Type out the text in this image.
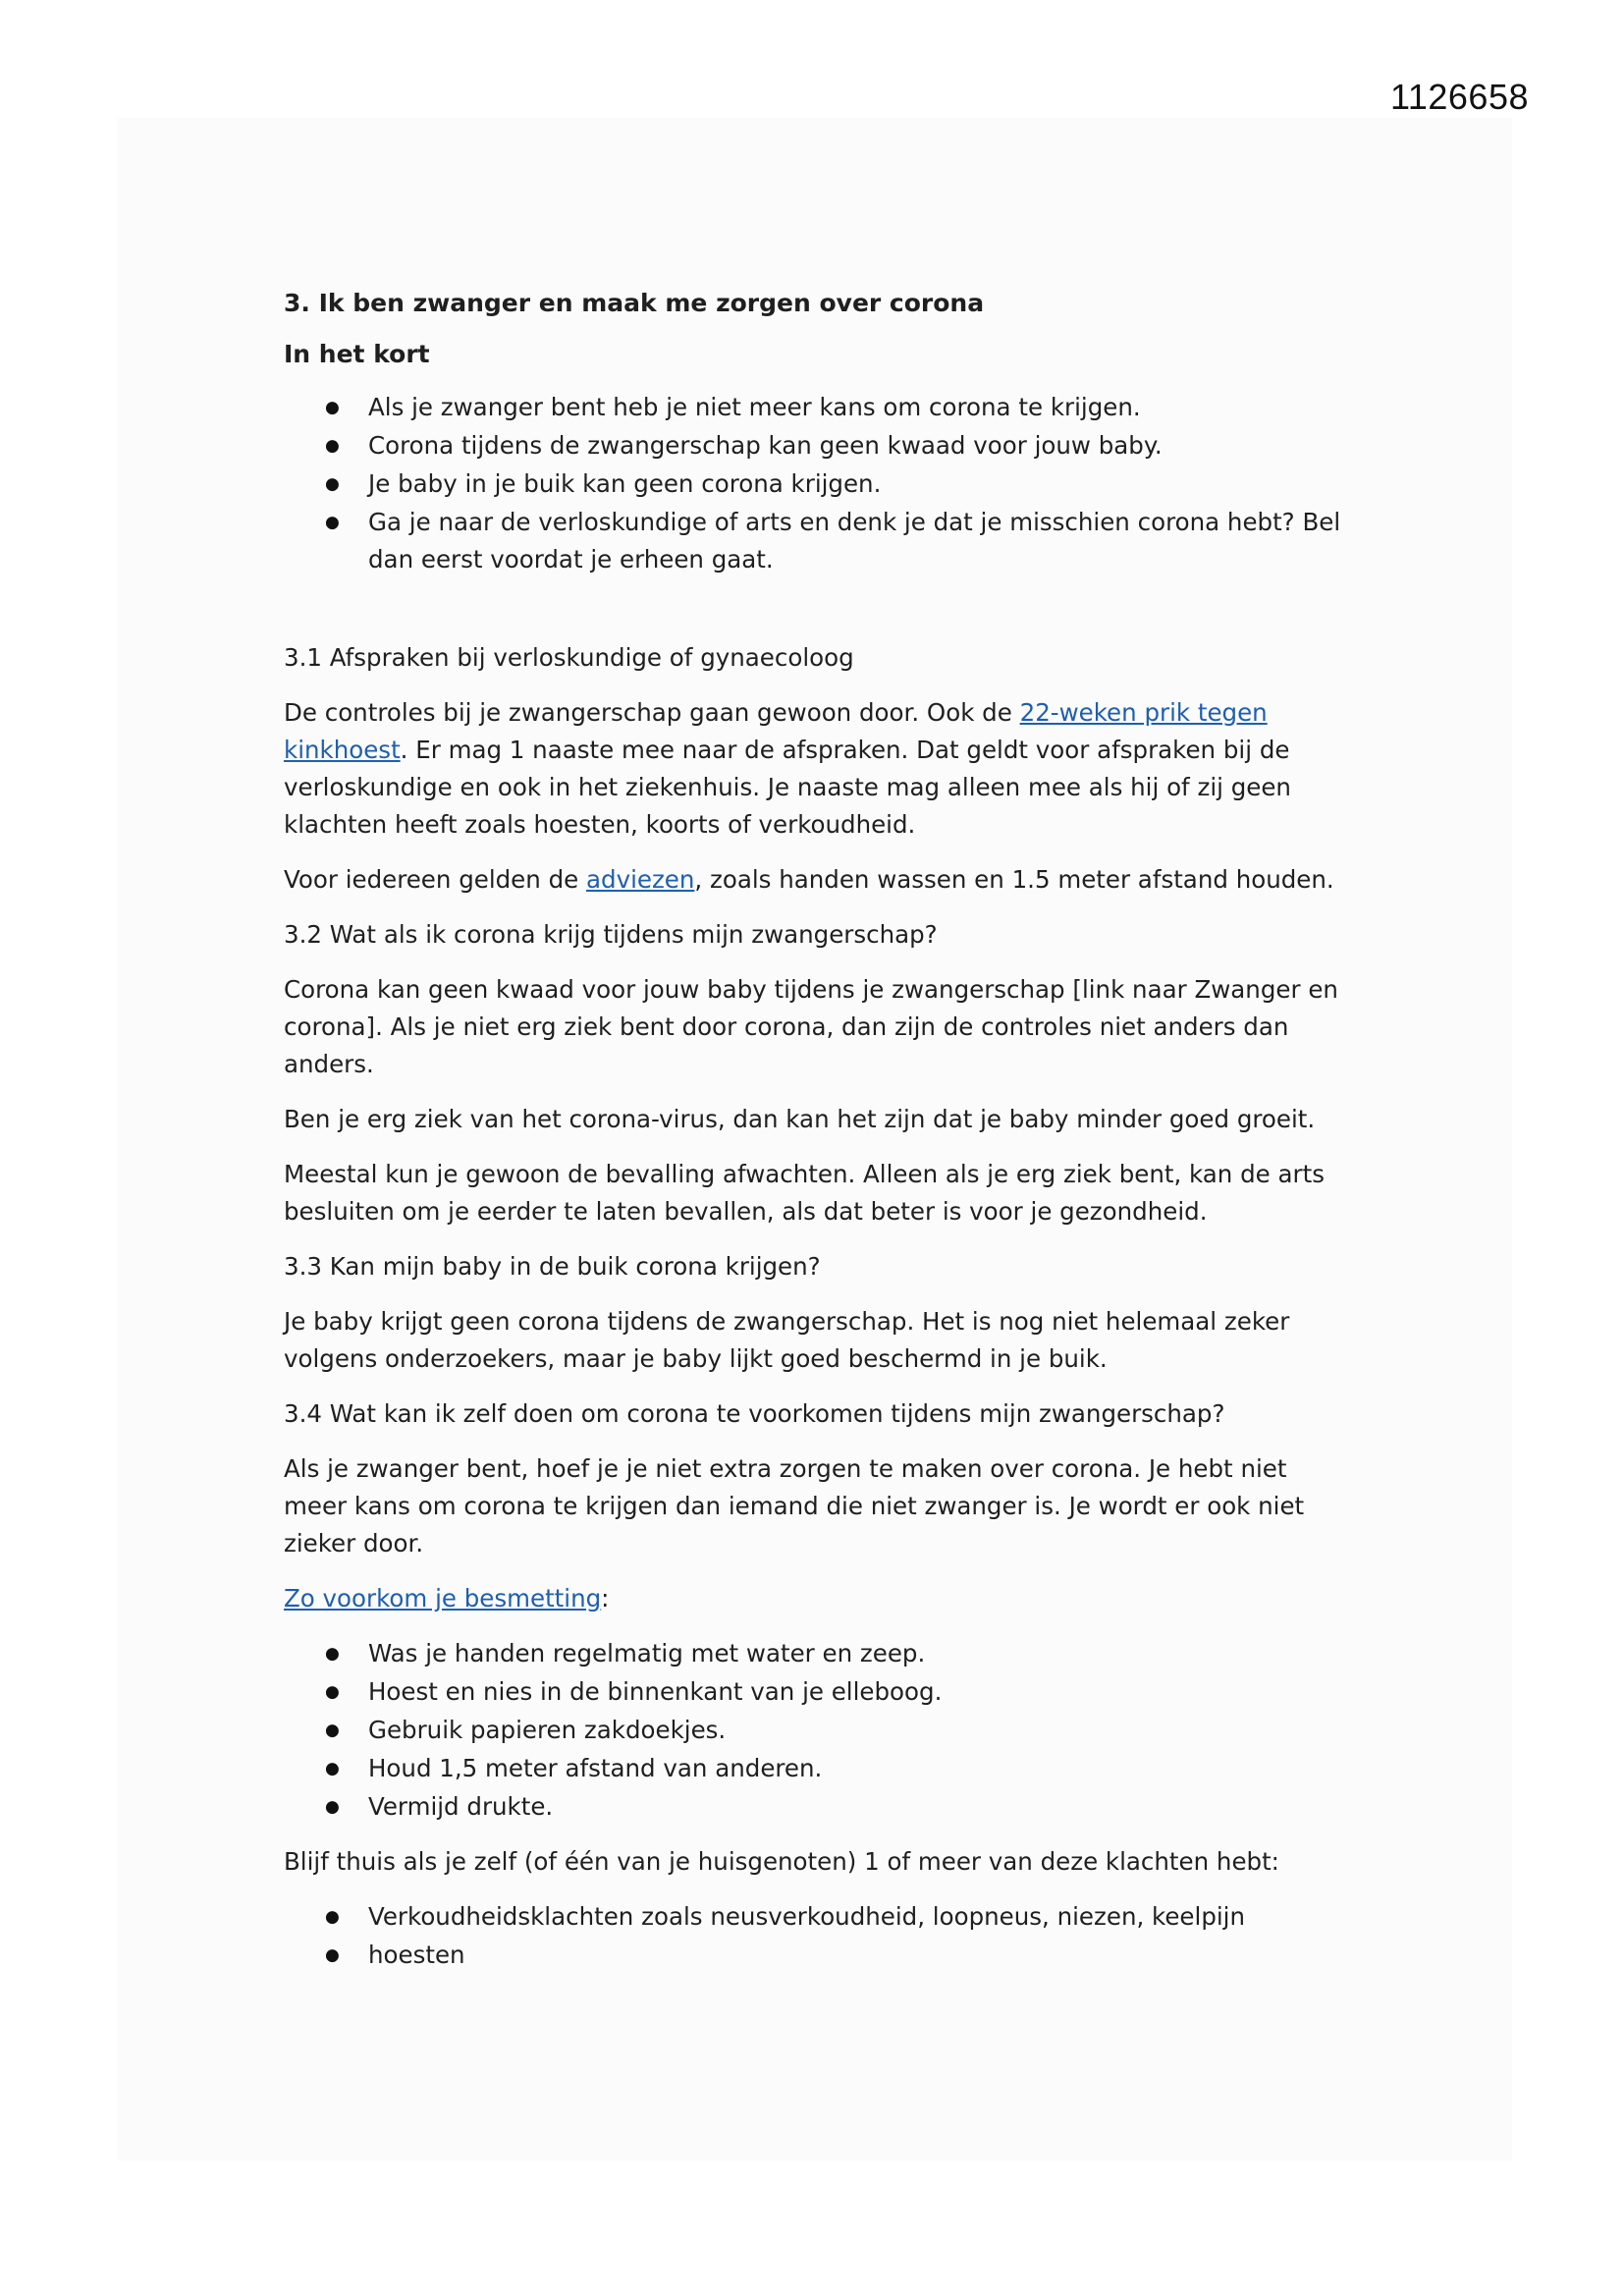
1126658
3. Ik ben zwanger en maak me zorgen over corona
In het kort
● Als je zwanger bent heb je niet meer kans om corona te krijgen.
● Corona tijdens de zwangerschap kan geen kwaad voor jouw baby.
● Je baby in je buik kan geen corona krijgen.
● Ga je naar de verloskundige of arts en denk je dat je misschien corona hebt? Bel dan eerst voordat je erheen gaat.
3.1 Afspraken bij verloskundige of gynaecoloog

De controles bij je zwangerschap gaan gewoon door. Ook de 22-weken prik tegen kinkhoest. Er mag 1 naaste mee naar de afspraken. Dat geldt voor afspraken bij de verloskundige en ook in het ziekenhuis. Je naaste mag alleen mee als hij of zij geen klachten heeft zoals hoesten, koorts of verkoudheid.

Voor iedereen gelden de adviezen, zoals handen wassen en 1.5 meter afstand houden.

3.2 Wat als ik corona krijg tijdens mijn zwangerschap?

Corona kan geen kwaad voor jouw baby tijdens je zwangerschap [link naar Zwanger en corona]. Als je niet erg ziek bent door corona, dan zijn de controles niet anders dan anders.

Ben je erg ziek van het corona-virus, dan kan het zijn dat je baby minder goed groeit.

Meestal kun je gewoon de bevalling afwachten. Alleen als je erg ziek bent, kan de arts besluiten om je eerder te laten bevallen, als dat beter is voor je gezondheid.

3.3 Kan mijn baby in de buik corona krijgen?

Je baby krijgt geen corona tijdens de zwangerschap. Het is nog niet helemaal zeker volgens onderzoekers, maar je baby lijkt goed beschermd in je buik.

3.4 Wat kan ik zelf doen om corona te voorkomen tijdens mijn zwangerschap?

Als je zwanger bent, hoef je je niet extra zorgen te maken over corona. Je hebt niet meer kans om corona te krijgen dan iemand die niet zwanger is. Je wordt er ook niet zieker door.

Zo voorkom je besmetting:

● Was je handen regelmatig met water en zeep.
● Hoest en nies in de binnenkant van je elleboog.
● Gebruik papieren zakdoekjes.
● Houd 1,5 meter afstand van anderen.
● Vermijd drukte.

Blijf thuis als je zelf (of één van je huisgenoten) 1 of meer van deze klachten hebt:

● Verkoudheidsklachten zoals neusverkoudheid, loopneus, niezen, keelpijn
● hoesten
